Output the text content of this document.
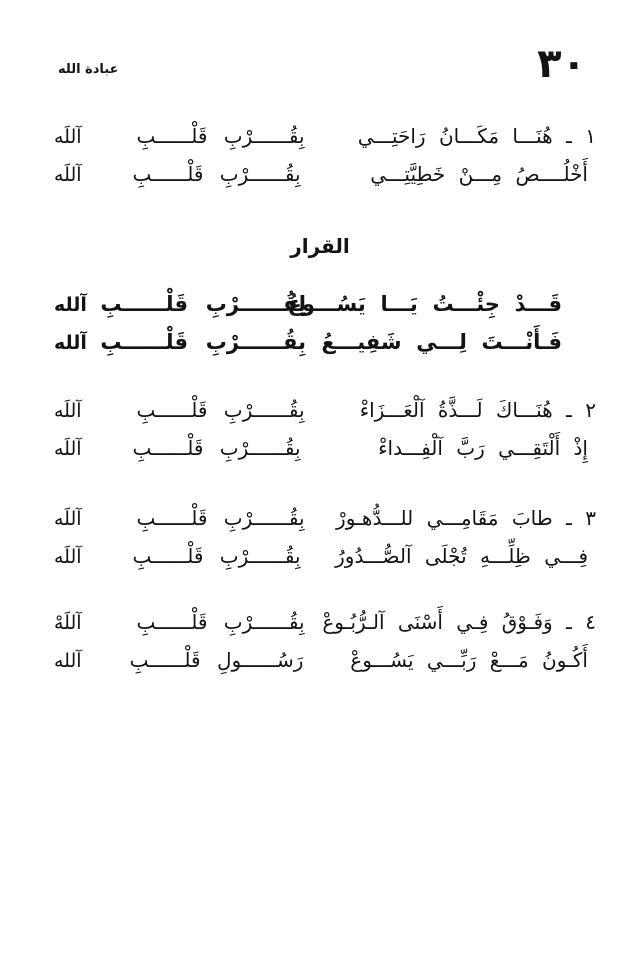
٣٠
عبادة الله
١ ـ هُنَـــا مَكَـــانُ رَاحَتِـــي
بِقُــــــرْبِ قَلْــــــبِ
آللَه
أَخْلُــــصُ مِـــنْ خَطِيَّتِـــي
بِقُــــــرْبِ قَلْــــــبِ
آللَه
القرار
قَـــدْ جِئْـــتُ يَـــا يَسُـــوعُ
لِقُــــــرْبِ قَلْــــــبِ
آلله
فَـأَنْـــتَ لِـــي شَفِيـــعُ
بِقُــــــرْبِ قَلْــــــبِ
آلله
٢ ـ هُنَـــاكَ لَـــذَّةُ آلْعَـــزَاءْ
بِقُــــــرْبِ قَلْــــــبِ
آللَه
إِذْ أَلْتَقِـــي رَبَّ آلْفِـــداءْ
بِقُــــــرْبِ قَلْــــــبِ
آللَه
٣ ـ طابَ مَقَامِـــي للـــدُّهـورْ
بِقُــــــرْبِ قَلْــــــبِ
آللَه
فِـــي ظِلِّـــهِ تُجْلَى آلصُّـــدُورُ
بِقُــــــرْبِ قَلْــــــبِ
آللَه
٤ ـ وَفَـوْقُ فِـي أَسْنَى آلـرُّبُـوعْ
بِقُــــــرْبِ قَلْــــــبِ
آللَهْ
أَكُـونُ مَـــعْ رَبِّـــي يَسُـــوعْ
رَسُــــــولِ قَلْــــــبِ
آلله
